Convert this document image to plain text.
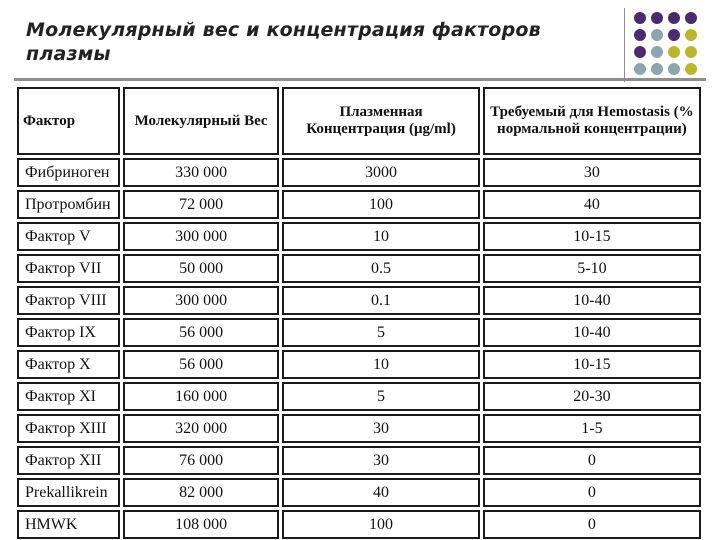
Молекулярный вес и концентрация факторов плазмы
Фактор	Молекулярный Вес	Плазменная Концентрация (μg/ml)	Требуемый для Hemostasis (% нормальной концентрации)
Фибриноген	330 000	3000	30
Протромбин	72 000	100	40
Фактор V	300 000	10	10-15
Фактор VII	50 000	0.5	5-10
Фактор VIII	300 000	0.1	10-40
Фактор IX	56 000	5	10-40
Фактор X	56 000	10	10-15
Фактор XI	160 000	5	20-30
Фактор XIII	320 000	30	1-5
Фактор XII	76 000	30	0
Prekallikrein	82 000	40	0
HMWK	108 000	100	0
